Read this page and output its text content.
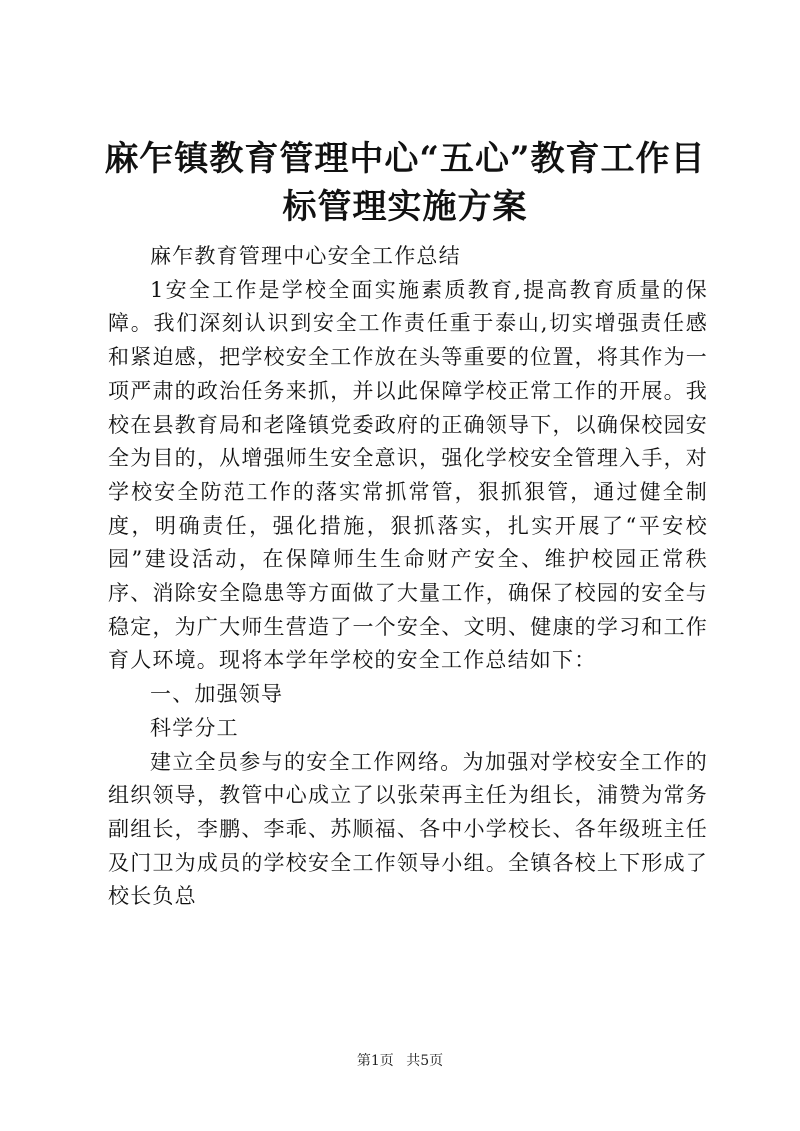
麻乍镇教育管理中心“五心”教育工作目标管理实施方案

麻乍教育管理中心安全工作总结

1安全工作是学校全面实施素质教育,提高教育质量的保障。我们深刻认识到安全工作责任重于泰山,切实增强责任感和紧迫感，把学校安全工作放在头等重要的位置，将其作为一项严肃的政治任务来抓，并以此保障学校正常工作的开展。我校在县教育局和老隆镇党委政府的正确领导下，以确保校园安全为目的，从增强师生安全意识，强化学校安全管理入手，对学校安全防范工作的落实常抓常管，狠抓狠管，通过健全制度，明确责任，强化措施，狠抓落实，扎实开展了“平安校园”建设活动，在保障师生生命财产安全、维护校园正常秩序、消除安全隐患等方面做了大量工作，确保了校园的安全与稳定，为广大师生营造了一个安全、文明、健康的学习和工作育人环境。现将本学年学校的安全工作总结如下：

一、加强领导

科学分工

建立全员参与的安全工作网络。为加强对学校安全工作的组织领导，教管中心成立了以张荣再主任为组长，浦赞为常务副组长，李鹏、李乖、苏顺福、各中小学校长、各年级班主任及门卫为成员的学校安全工作领导小组。全镇各校上下形成了校长负总

第1页 共5页
